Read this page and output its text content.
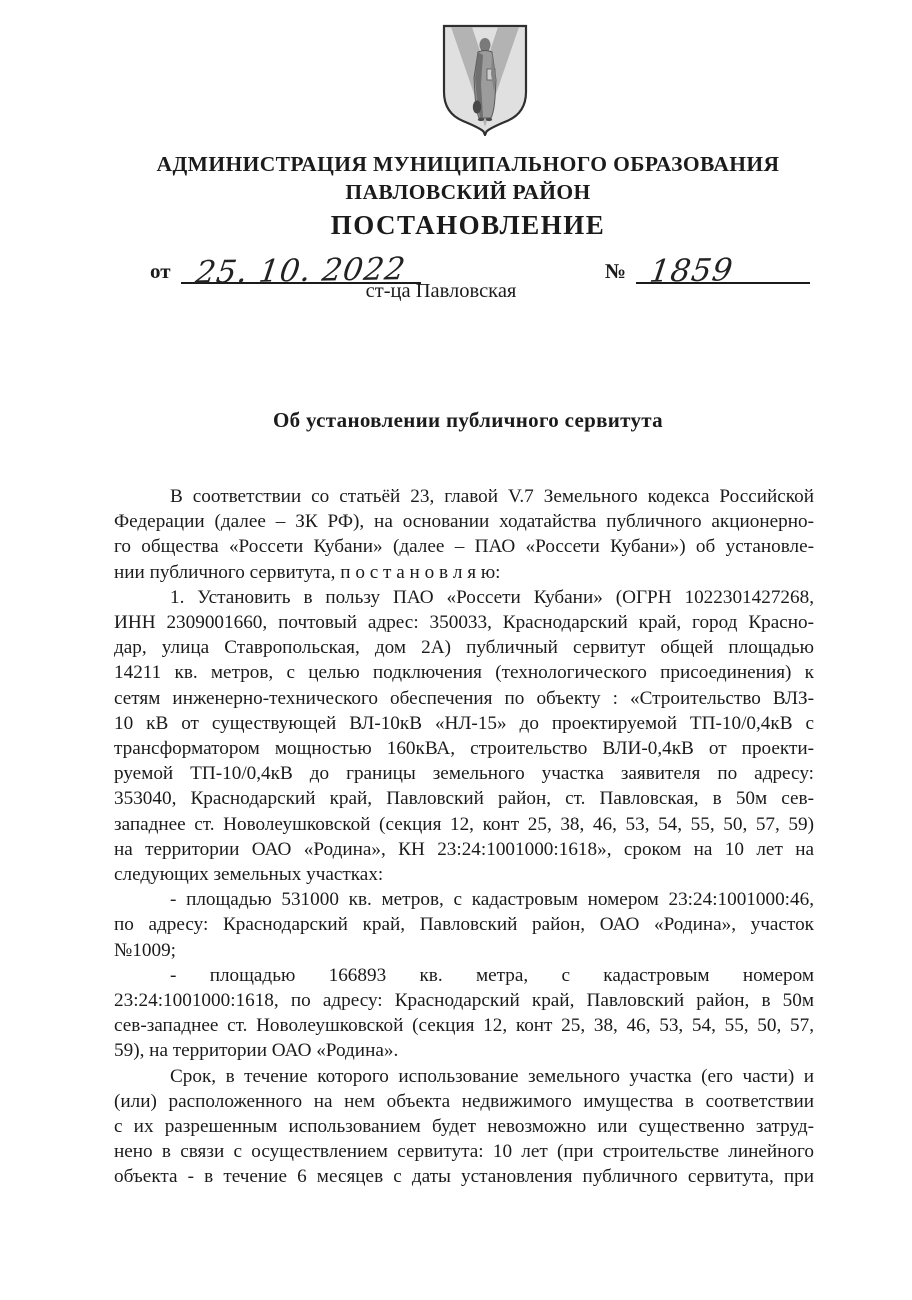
АДМИНИСТРАЦИЯ МУНИЦИПАЛЬНОГО ОБРАЗОВАНИЯ
ПАВЛОВСКИЙ РАЙОН
ПОСТАНОВЛЕНИЕ
от 25. 10. 2022	№ 1859
ст-ца Павловская
Об установлении публичного сервитута
В соответствии со статьёй 23, главой V.7 Земельного кодекса Российской
Федерации (далее – ЗК РФ), на основании ходатайства публичного акционерно-
го общества «Россети Кубани» (далее – ПАО «Россети Кубани») об установле-
нии публичного сервитута, п о с т а н о в л я ю:
1. Установить в пользу ПАО «Россети Кубани» (ОГРН 1022301427268,
ИНН 2309001660, почтовый адрес: 350033, Краснодарский край, город Красно-
дар, улица Ставропольская, дом 2А) публичный сервитут общей площадью
14211 кв. метров, с целью подключения (технологического присоединения) к
сетям инженерно-технического обеспечения по объекту : «Строительство ВЛЗ-
10 кВ от существующей ВЛ-10кВ «НЛ-15» до проектируемой ТП-10/0,4кВ с
трансформатором мощностью 160кВА, строительство ВЛИ-0,4кВ от проекти-
руемой ТП-10/0,4кВ до границы земельного участка заявителя по адресу:
353040, Краснодарский край, Павловский район, ст. Павловская, в 50м сев-
западнее ст. Новолеушковской (секция 12, конт 25, 38, 46, 53, 54, 55, 50, 57, 59)
на территории ОАО «Родина», КН 23:24:1001000:1618», сроком на 10 лет на
следующих земельных участках:
- площадью 531000 кв. метров, с кадастровым номером 23:24:1001000:46,
по адресу: Краснодарский край, Павловский район, ОАО «Родина», участок
№1009;
- площадью 166893 кв. метра, с кадастровым номером
23:24:1001000:1618, по адресу: Краснодарский край, Павловский район, в 50м
сев-западнее ст. Новолеушковской (секция 12, конт 25, 38, 46, 53, 54, 55, 50, 57,
59), на территории ОАО «Родина».
Срок, в течение которого использование земельного участка (его части) и
(или) расположенного на нем объекта недвижимого имущества в соответствии
с их разрешенным использованием будет невозможно или существенно затруд-
нено в связи с осуществлением сервитута: 10 лет (при строительстве линейного
объекта - в течение 6 месяцев с даты установления публичного сервитута, при
